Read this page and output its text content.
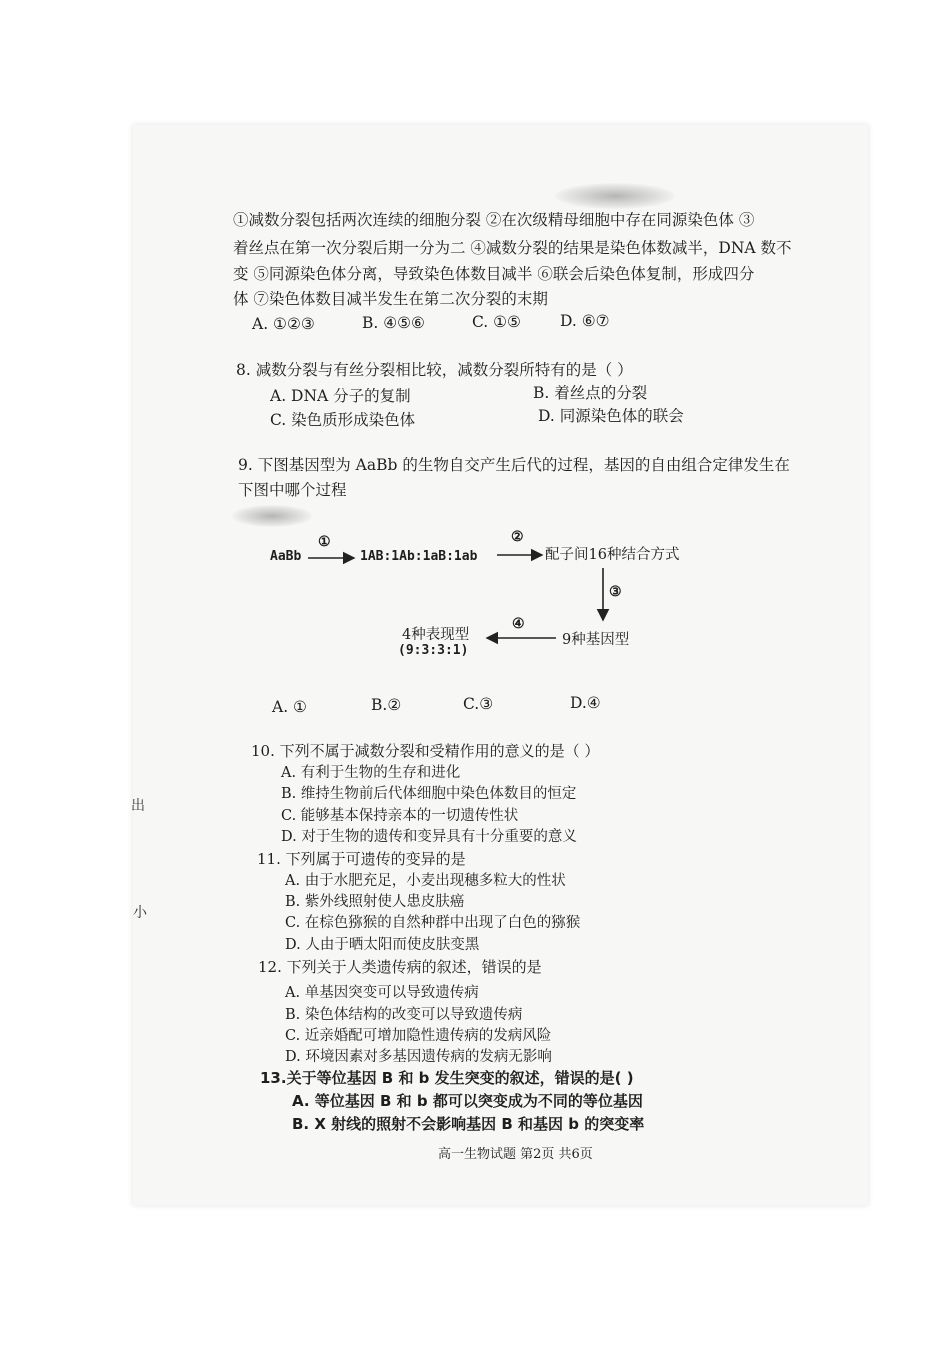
出
小
①减数分裂包括两次连续的细胞分裂 ②在次级精母细胞中存在同源染色体 ③
着丝点在第一次分裂后期一分为二 ④减数分裂的结果是染色体数减半，DNA 数不
变 ⑤同源染色体分离，导致染色体数目减半 ⑥联会后染色体复制，形成四分
体 ⑦染色体数目减半发生在第二次分裂的末期
A. ①②③	B. ④⑤⑥	C. ①⑤	D. ⑥⑦
8. 减数分裂与有丝分裂相比较，减数分裂所特有的是（ ）
A. DNA 分子的复制	B. 着丝点的分裂
C. 染色质形成染色体	D. 同源染色体的联会
9. 下图基因型为 AaBb 的生物自交产生后代的过程，基因的自由组合定律发生在
下图中哪个过程
AaBb
①
1AB:1Ab:1aB:1ab
②
配子间16种结合方式
③
9种基因型
④
4种表现型
(9:3:3:1)
A. ①	B.②	C.③	D.④
10. 下列不属于减数分裂和受精作用的意义的是（ ）
A. 有利于生物的生存和进化
B. 维持生物前后代体细胞中染色体数目的恒定
C. 能够基本保持亲本的一切遗传性状
D. 对于生物的遗传和变异具有十分重要的意义
11. 下列属于可遗传的变异的是
A. 由于水肥充足，小麦出现穗多粒大的性状
B. 紫外线照射使人患皮肤癌
C. 在棕色猕猴的自然种群中出现了白色的猕猴
D. 人由于晒太阳而使皮肤变黑
12. 下列关于人类遗传病的叙述，错误的是
A. 单基因突变可以导致遗传病
B. 染色体结构的改变可以导致遗传病
C. 近亲婚配可增加隐性遗传病的发病风险
D. 环境因素对多基因遗传病的发病无影响
13.关于等位基因 B 和 b 发生突变的叙述，错误的是( )
A. 等位基因 B 和 b 都可以突变成为不同的等位基因
B. X 射线的照射不会影响基因 B 和基因 b 的突变率
高一生物试题 第2页 共6页
